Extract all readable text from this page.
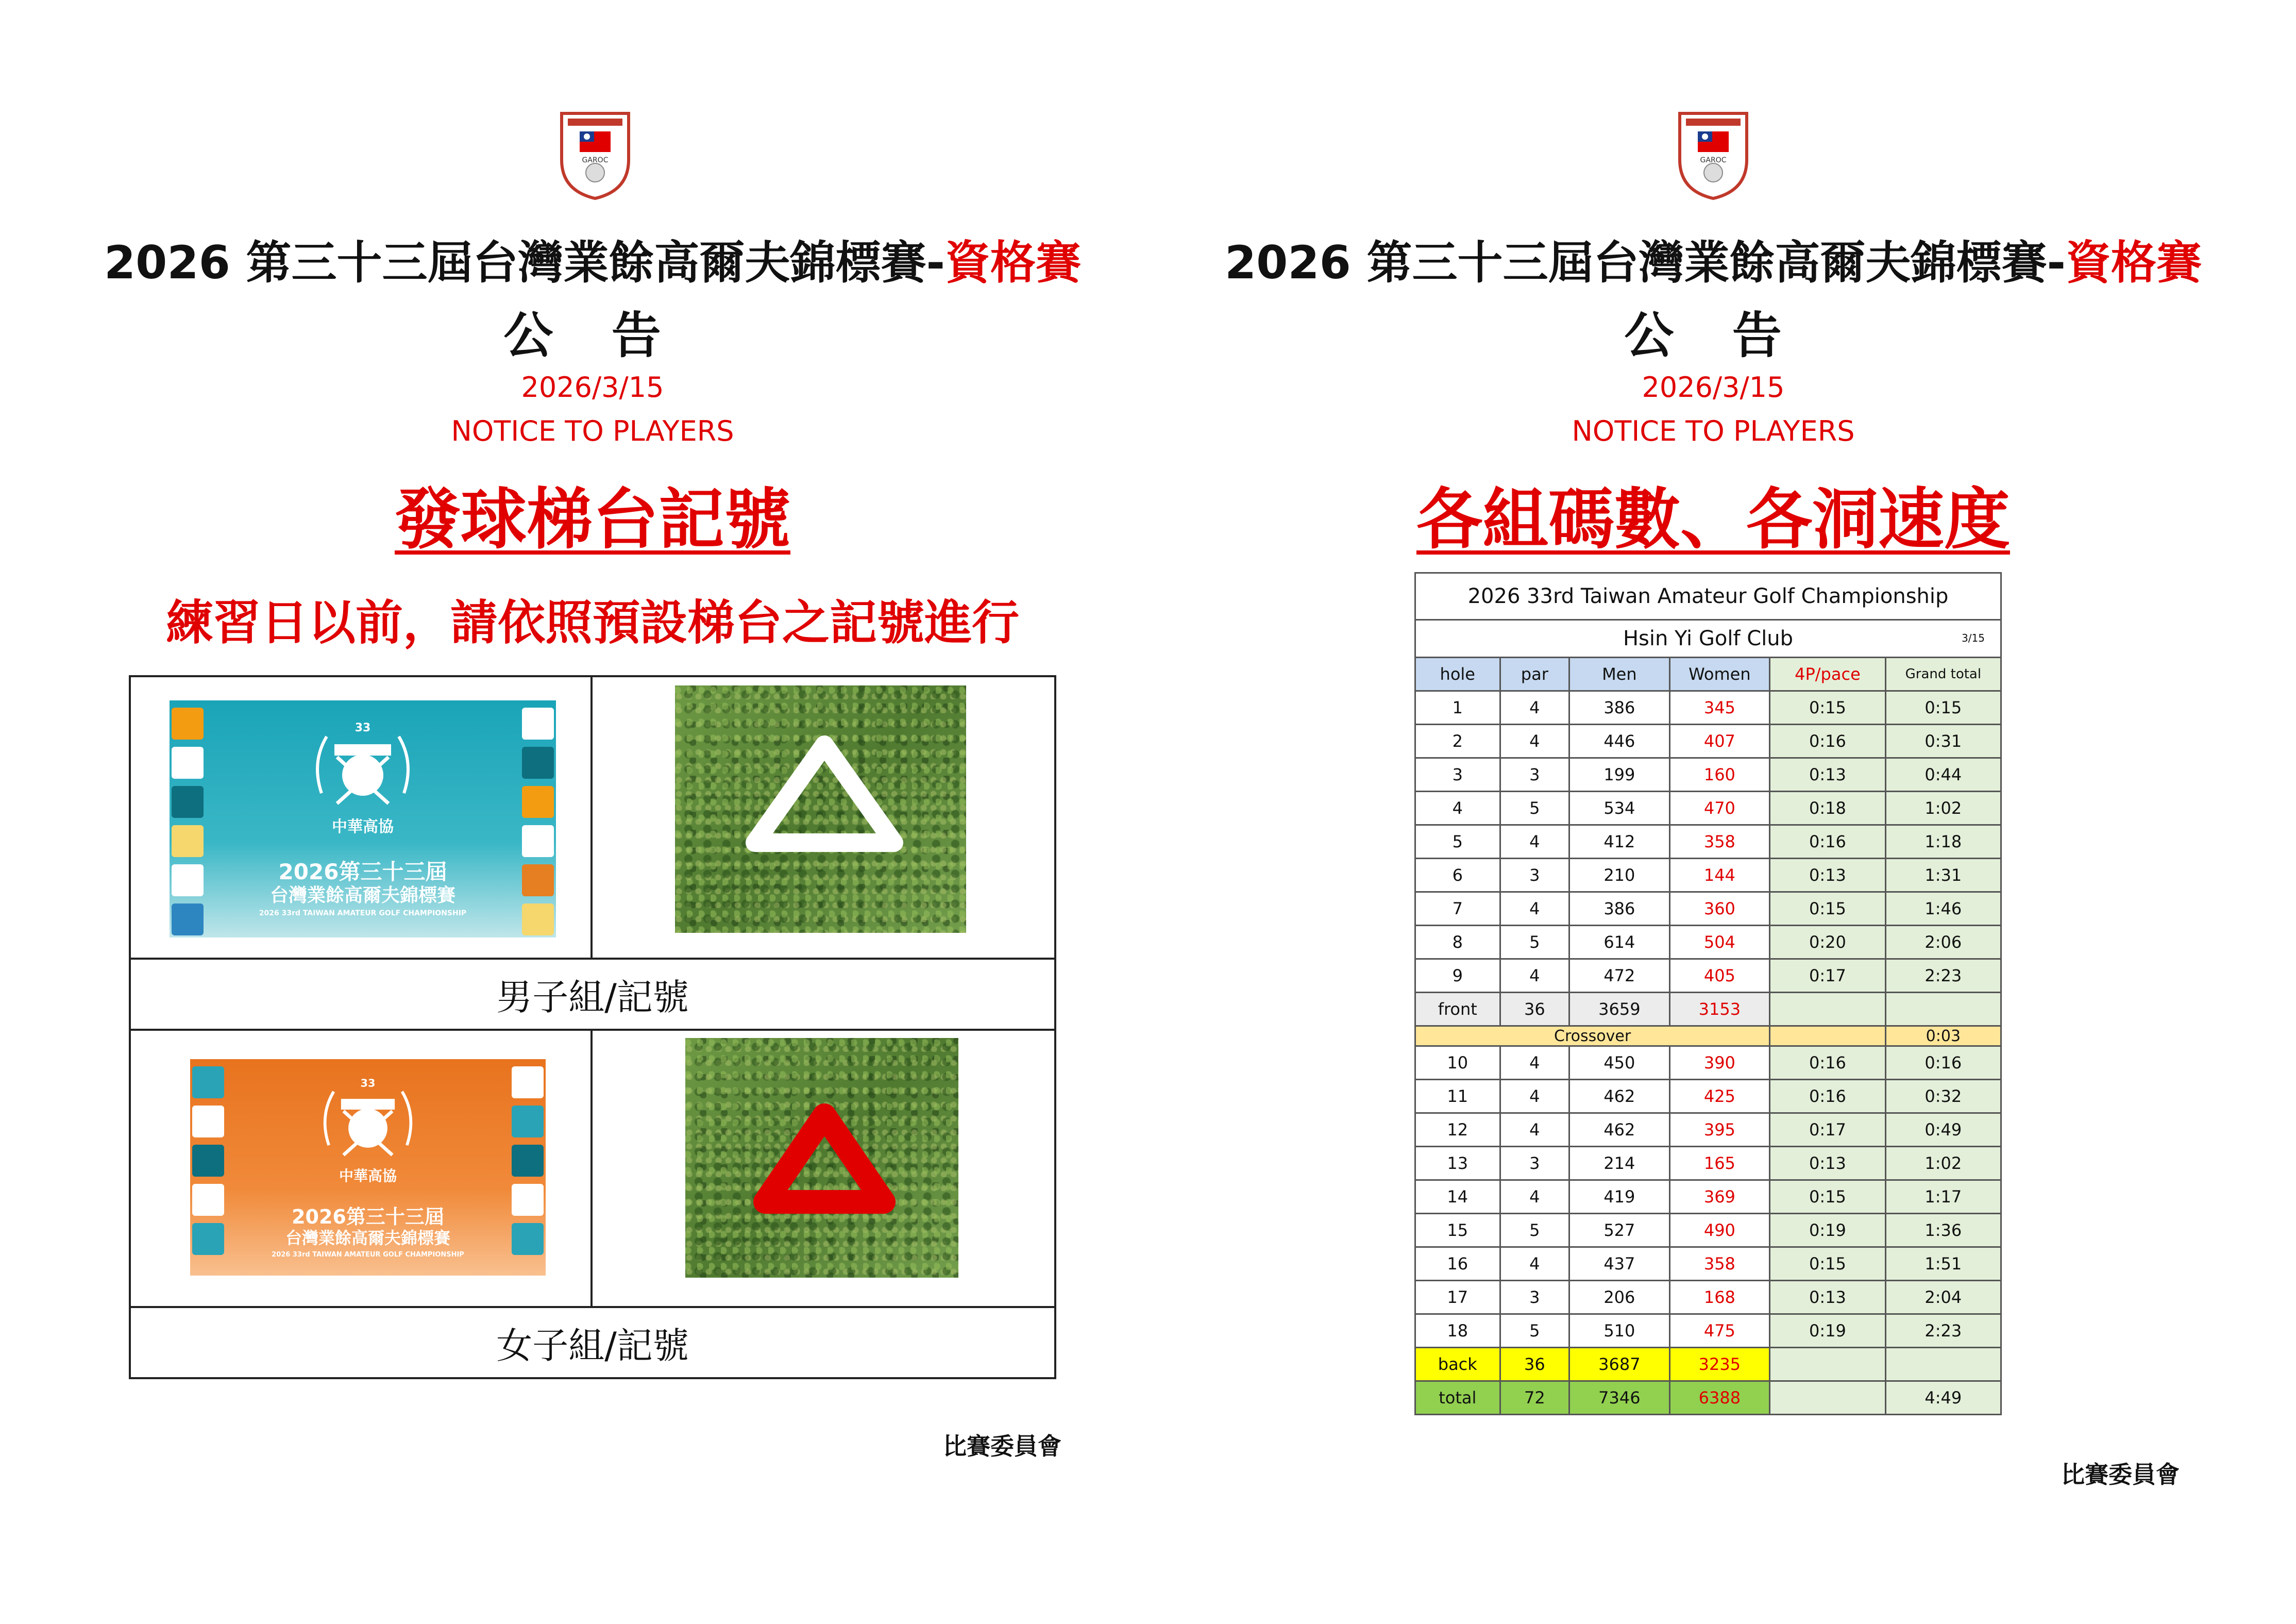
GAROC
2026 第三十三屆台灣業餘高爾夫錦標賽-資格賽
公 告
2026/3/15
NOTICE TO PLAYERS
發球梯台記號
練習日以前，請依照預設梯台之記號進行
33
中華高協
2026第三十三屆
台灣業餘高爾夫錦標賽
2026 33rd TAIWAN AMATEUR GOLF CHAMPIONSHIP
男子組/記號
33
中華高協
2026第三十三屆
台灣業餘高爾夫錦標賽
2026 33rd TAIWAN AMATEUR GOLF CHAMPIONSHIP
女子組/記號
比賽委員會
GAROC
2026 第三十三屆台灣業餘高爾夫錦標賽-資格賽
公 告
2026/3/15
NOTICE TO PLAYERS
各組碼數、各洞速度
2026 33rd Taiwan Amateur Golf Championship					
Hsin Yi Golf Club 3/15					

hole	par	Men	Women	4P/pace	Grand total
1	4	386	345	0:15	0:15
2	4	446	407	0:16	0:31
3	3	199	160	0:13	0:44
4	5	534	470	0:18	1:02
5	4	412	358	0:16	1:18
6	3	210	144	0:13	1:31
7	4	386	360	0:15	1:46
8	5	614	504	0:20	2:06
9	4	472	405	0:17	2:23
front	36	3659	3153		
Crossover					0:03
10	4	450	390	0:16	0:16
11	4	462	425	0:16	0:32
12	4	462	395	0:17	0:49
13	3	214	165	0:13	1:02
14	4	419	369	0:15	1:17
15	5	527	490	0:19	1:36
16	4	437	358	0:15	1:51
17	3	206	168	0:13	2:04
18	5	510	475	0:19	2:23
back	36	3687	3235		
total	72	7346	6388		4:49
比賽委員會
